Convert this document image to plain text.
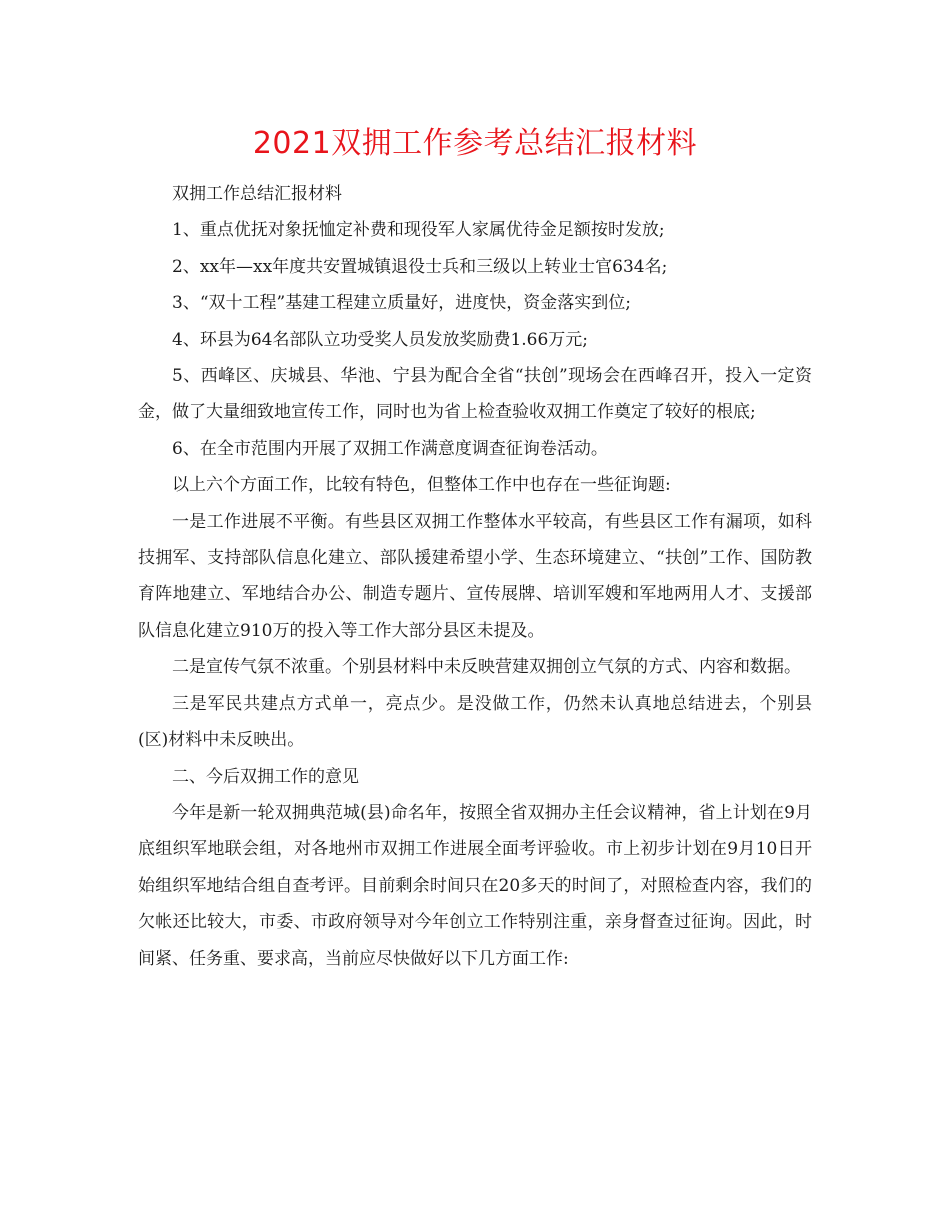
2021双拥工作参考总结汇报材料

双拥工作总结汇报材料

1、重点优抚对象抚恤定补费和现役军人家属优待金足额按时发放;

2、xx年—xx年度共安置城镇退役士兵和三级以上转业士官634名;

3、“双十工程”基建工程建立质量好，进度快，资金落实到位;

4、环县为64名部队立功受奖人员发放奖励费1.66万元;

5、西峰区、庆城县、华池、宁县为配合全省“扶创”现场会在西峰召开，投入一定资金，做了大量细致地宣传工作，同时也为省上检查验收双拥工作奠定了较好的根底;

6、在全市范围内开展了双拥工作满意度调查征询卷活动。

以上六个方面工作，比较有特色，但整体工作中也存在一些征询题:

一是工作进展不平衡。有些县区双拥工作整体水平较高，有些县区工作有漏项，如科技拥军、支持部队信息化建立、部队援建希望小学、生态环境建立、“扶创”工作、国防教育阵地建立、军地结合办公、制造专题片、宣传展牌、培训军嫂和军地两用人才、支援部队信息化建立910万的投入等工作大部分县区未提及。

二是宣传气氛不浓重。个别县材料中未反映营建双拥创立气氛的方式、内容和数据。

三是军民共建点方式单一，亮点少。是没做工作，仍然未认真地总结进去，个别县(区)材料中未反映出。

二、今后双拥工作的意见

今年是新一轮双拥典范城(县)命名年，按照全省双拥办主任会议精神，省上计划在9月底组织军地联会组，对各地州市双拥工作进展全面考评验收。市上初步计划在9月10日开始组织军地结合组自查考评。目前剩余时间只在20多天的时间了，对照检查内容，我们的欠帐还比较大，市委、市政府领导对今年创立工作特别注重，亲身督查过征询。因此，时间紧、任务重、要求高，当前应尽快做好以下几方面工作:
